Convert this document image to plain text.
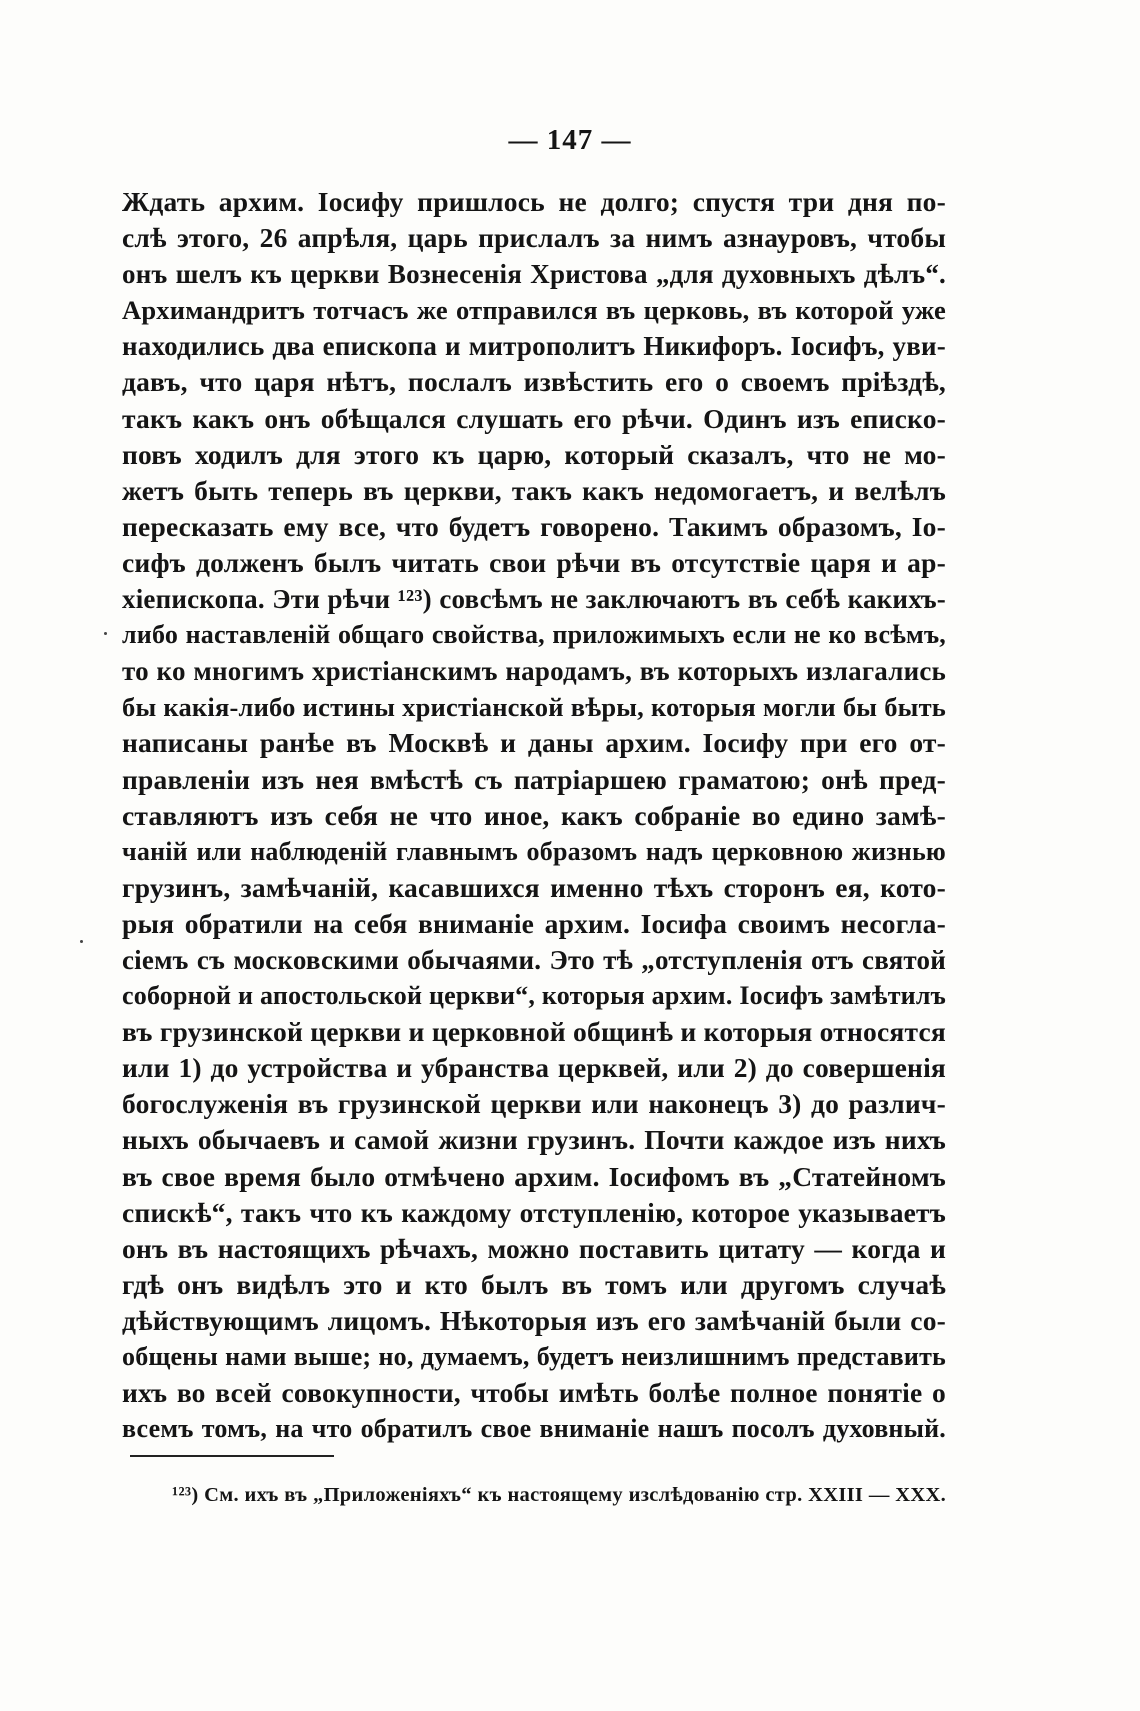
— 147 —
Ждать архим. Іосифу пришлось не долго; спустя три дня по-
слѣ этого, 26 апрѣля, царь прислалъ за нимъ азнауровъ, чтобы
онъ шелъ къ церкви Вознесенія Христова „для духовныхъ дѣлъ“.
Архимандритъ тотчасъ же отправился въ церковь, въ которой уже
находились два епископа и митрополитъ Никифоръ. Іосифъ, уви-
давъ, что царя нѣтъ, послалъ извѣстить его о своемъ пріѣздѣ,
такъ какъ онъ обѣщался слушать его рѣчи. Одинъ изъ еписко-
повъ ходилъ для этого къ царю, который сказалъ, что не мо-
жетъ быть теперь въ церкви, такъ какъ недомогаетъ, и велѣлъ
пересказать ему все, что будетъ говорено. Такимъ образомъ, Іо-
сифъ долженъ былъ читать свои рѣчи въ отсутствіе царя и ар-
хіепископа. Эти рѣчи ¹²³) совсѣмъ не заключаютъ въ себѣ какихъ-
либо наставленій общаго свойства, приложимыхъ если не ко всѣмъ,
то ко многимъ христіанскимъ народамъ, въ которыхъ излагались
бы какія-либо истины христіанской вѣры, которыя могли бы быть
написаны ранѣе въ Москвѣ и даны архим. Іосифу при его от-
правленіи изъ нея вмѣстѣ съ патріаршею граматою; онѣ пред-
ставляютъ изъ себя не что иное, какъ собраніе во едино замѣ-
чаній или наблюденій главнымъ образомъ надъ церковною жизнью
грузинъ, замѣчаній, касавшихся именно тѣхъ сторонъ ея, кото-
рыя обратили на себя вниманіе архим. Іосифа своимъ несогла-
сіемъ съ московскими обычаями. Это тѣ „отступленія отъ святой
соборной и апостольской церкви“, которыя архим. Іосифъ замѣтилъ
въ грузинской церкви и церковной общинѣ и которыя относятся
или 1) до устройства и убранства церквей, или 2) до совершенія
богослуженія въ грузинской церкви или наконецъ 3) до различ-
ныхъ обычаевъ и самой жизни грузинъ. Почти каждое изъ нихъ
въ свое время было отмѣчено архим. Іосифомъ въ „Статейномъ
спискѣ“, такъ что къ каждому отступленію, которое указываетъ
онъ въ настоящихъ рѣчахъ, можно поставить цитату — когда и
гдѣ онъ видѣлъ это и кто былъ въ томъ или другомъ случаѣ
дѣйствующимъ лицомъ. Нѣкоторыя изъ его замѣчаній были со-
общены нами выше; но, думаемъ, будетъ неизлишнимъ представить
ихъ во всей совокупности, чтобы имѣть болѣе полное понятіе о
всемъ томъ, на что обратилъ свое вниманіе нашъ посолъ духовный.
¹²³) См. ихъ въ „Приложеніяхъ“ къ настоящему изслѣдованію стр. XXIII — XXX.
